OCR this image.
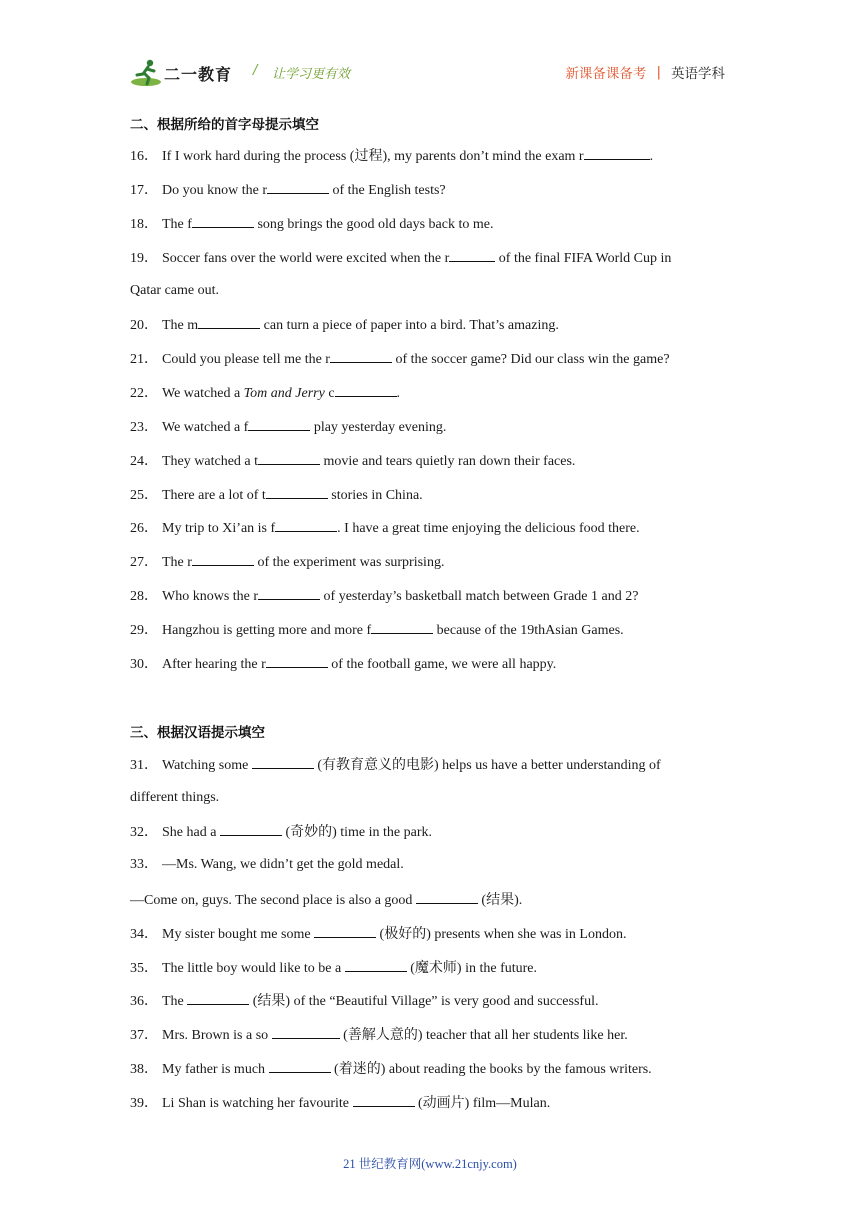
二一教育 / 让学习更有效	新课备课备考 | 英语学科
二、根据所给的首字母提示填空
16． If I work hard during the process (过程), my parents don’t mind the exam r	.
17． Do you know the r	of the English tests?
18． The f	song brings the good old days back to me.
19． Soccer fans over the world were excited when the r	of the final FIFA World Cup in
Qatar came out.
20． The m	can turn a piece of paper into a bird. That’s amazing.
21． Could you please tell me the r	of the soccer game? Did our class win the game?
22． We watched a Tom and Jerry c	.
23． We watched a f	play yesterday evening.
24． They watched a t	movie and tears quietly ran down their faces.
25． There are a lot of t	stories in China.
26． My trip to Xi’an is f	. I have a great time enjoying the delicious food there.
27． The r	of the experiment was surprising.
28． Who knows the r	of yesterday’s basketball match between Grade 1 and 2?
29． Hangzhou is getting more and more f	because of the 19thAsian Games.
30． After hearing the r	of the football game, we were all happy.
三、根据汉语提示填空
31． Watching some	(有教育意义的电影) helps us have a better understanding of
different things.
32． She had a	(奇妙的) time in the park.
33． —Ms. Wang, we didn’t get the gold medal.
—Come on, guys. The second place is also a good	(结果).
34． My sister bought me some	(极好的) presents when she was in London.
35． The little boy would like to be a	(魔术师) in the future.
36． The	(结果) of the “Beautiful Village” is very good and successful.
37． Mrs. Brown is a so	(善解人意的) teacher that all her students like her.
38． My father is much	(着迷的) about reading the books by the famous writers.
39． Li Shan is watching her favourite	(动画片) film—Mulan.
21 世纪教育网(www.21cnjy.com)
